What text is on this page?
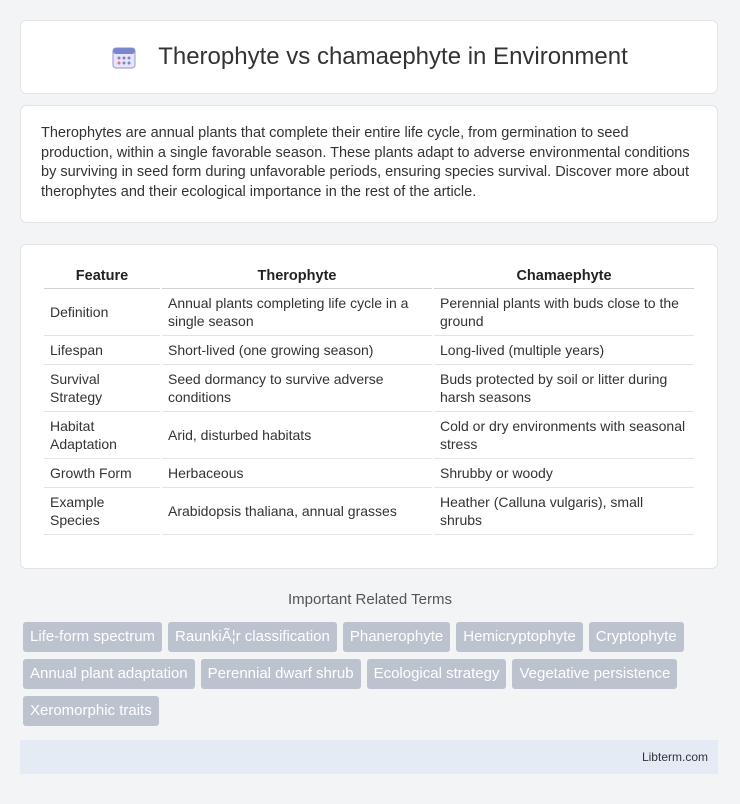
Therophyte vs chamaephyte in Environment

Therophytes are annual plants that complete their entire life cycle, from germination to seed production, within a single favorable season. These plants adapt to adverse environmental conditions by surviving in seed form during unfavorable periods, ensuring species survival. Discover more about therophytes and their ecological importance in the rest of the article.

Feature	Therophyte	Chamaephyte
Definition	Annual plants completing life cycle in a single season	Perennial plants with buds close to the ground
Lifespan	Short-lived (one growing season)	Long-lived (multiple years)
Survival Strategy	Seed dormancy to survive adverse conditions	Buds protected by soil or litter during harsh seasons
Habitat Adaptation	Arid, disturbed habitats	Cold or dry environments with seasonal stress
Growth Form	Herbaceous	Shrubby or woody
Example Species	Arabidopsis thaliana, annual grasses	Heather (Calluna vulgaris), small shrubs
Important Related Terms
Life-form spectrum	RaunkiÃ¦r classification	Phanerophyte	Hemicryptophyte	Cryptophyte
Annual plant adaptation	Perennial dwarf shrub	Ecological strategy	Vegetative persistence
Xeromorphic traits
Libterm.com
